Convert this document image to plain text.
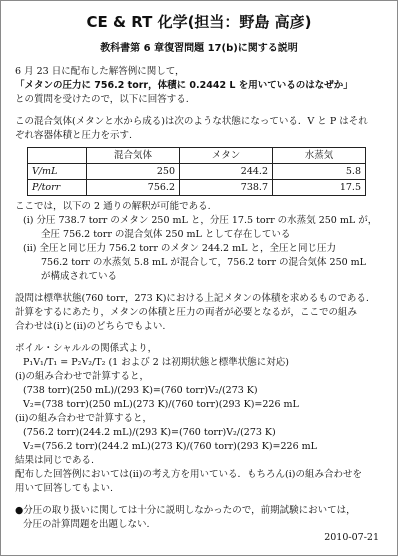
CE & RT 化学(担当：野島 高彦)
教科書第 6 章復習問題 17(b)に関する説明
6 月 23 日に配布した解答例に関して，
「メタンの圧力に 756.2 torr，体積に 0.2442 L を用いているのはなぜか」
との質問を受けたので，以下に回答する.
この混合気体(メタンと水から成る)は次のような状態になっている．V と P はそれ
ぞれ容器体積と圧力を示す.
	混合気体	メタン	水蒸気
V/mL	250	244.2	5.8
P/torr	756.2	738.7	17.5
ここでは，以下の 2 通りの解釈が可能である.
(i) 分圧 738.7 torr のメタン 250 mL と，分圧 17.5 torr の水蒸気 250 mL が，
全圧 756.2 torr の混合気体 250 mL として存在している
(ii) 全圧と同じ圧力 756.2 torr のメタン 244.2 mL と，全圧と同じ圧力
756.2 torr の水蒸気 5.8 mL が混合して，756.2 torr の混合気体 250 mL
が構成されている
設問は標準状態(760 torr，273 K)における上記メタンの体積を求めるものである.
計算をするにあたり，メタンの体積と圧力の両者が必要となるが，ここでの組み
合わせは(i)と(ii)のどちらでもよい.
ボイル・シャルルの関係式より，
P₁V₁/T₁ = P₂V₂/T₂ (1 および 2 は初期状態と標準状態に対応)
(i)の組み合わせで計算すると，
(738 torr)(250 mL)/(293 K)=(760 torr)V₂/(273 K)
V₂=(738 torr)(250 mL)(273 K)/(760 torr)(293 K)=226 mL
(ii)の組み合わせで計算すると，
(756.2 torr)(244.2 mL)/(293 K)=(760 torr)V₂/(273 K)
V₂=(756.2 torr)(244.2 mL)(273 K)/(760 torr)(293 K)=226 mL
結果は同じである.
配布した回答例においては(ii)の考え方を用いている．もちろん(i)の組み合わせを
用いて回答してもよい.
●分圧の取り扱いに関しては十分に説明しなかったので，前期試験においては，
分圧の計算問題を出題しない.
2010-07-21
